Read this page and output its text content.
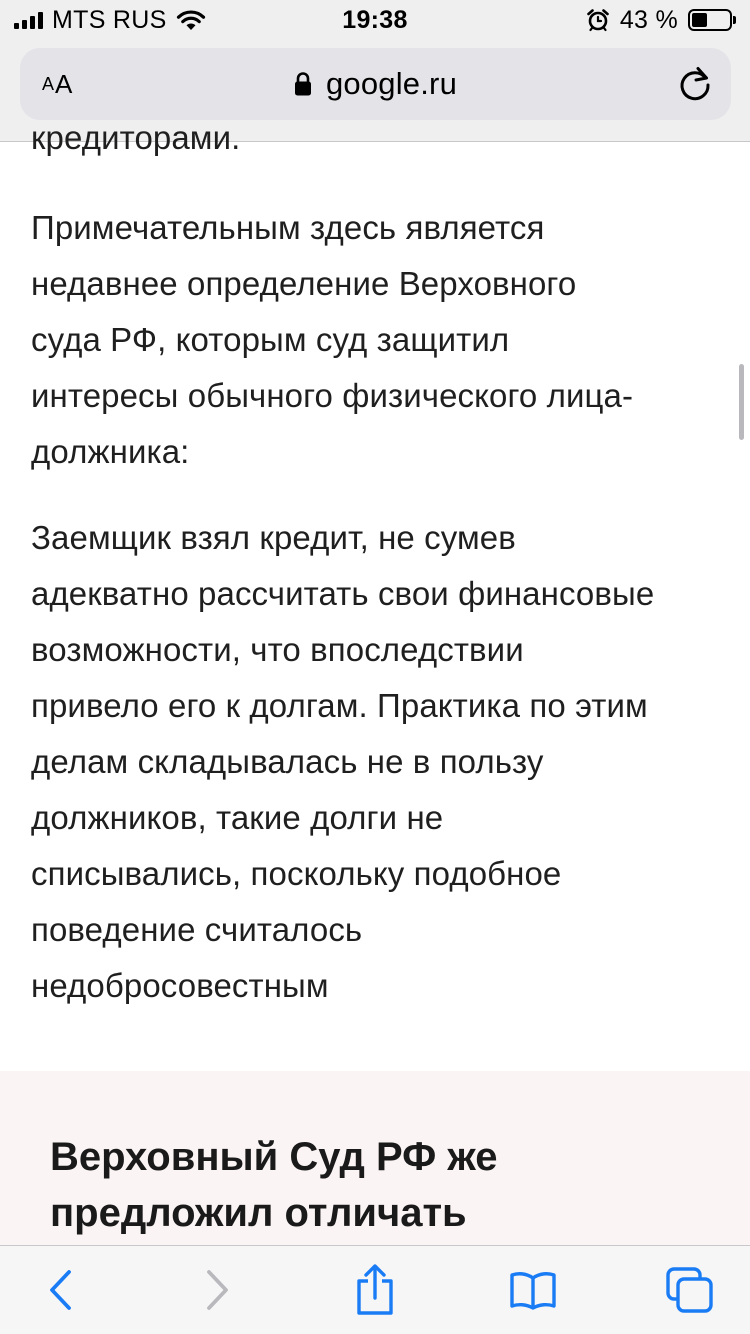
MTS RUS	19:38	43 %
A A	google.ru
кредиторами.
Примечательным здесь является
недавнее определение Верховного
суда РФ, которым суд защитил
интересы обычного физического лица-
должника:
Заемщик взял кредит, не сумев
адекватно рассчитать свои финансовые
возможности, что впоследствии
привело его к долгам. Практика по этим
делам складывалась не в пользу
должников, такие долги не
списывались, поскольку подобное
поведение считалось
недобросовестным
Верховный Суд РФ же
предложил отличать
